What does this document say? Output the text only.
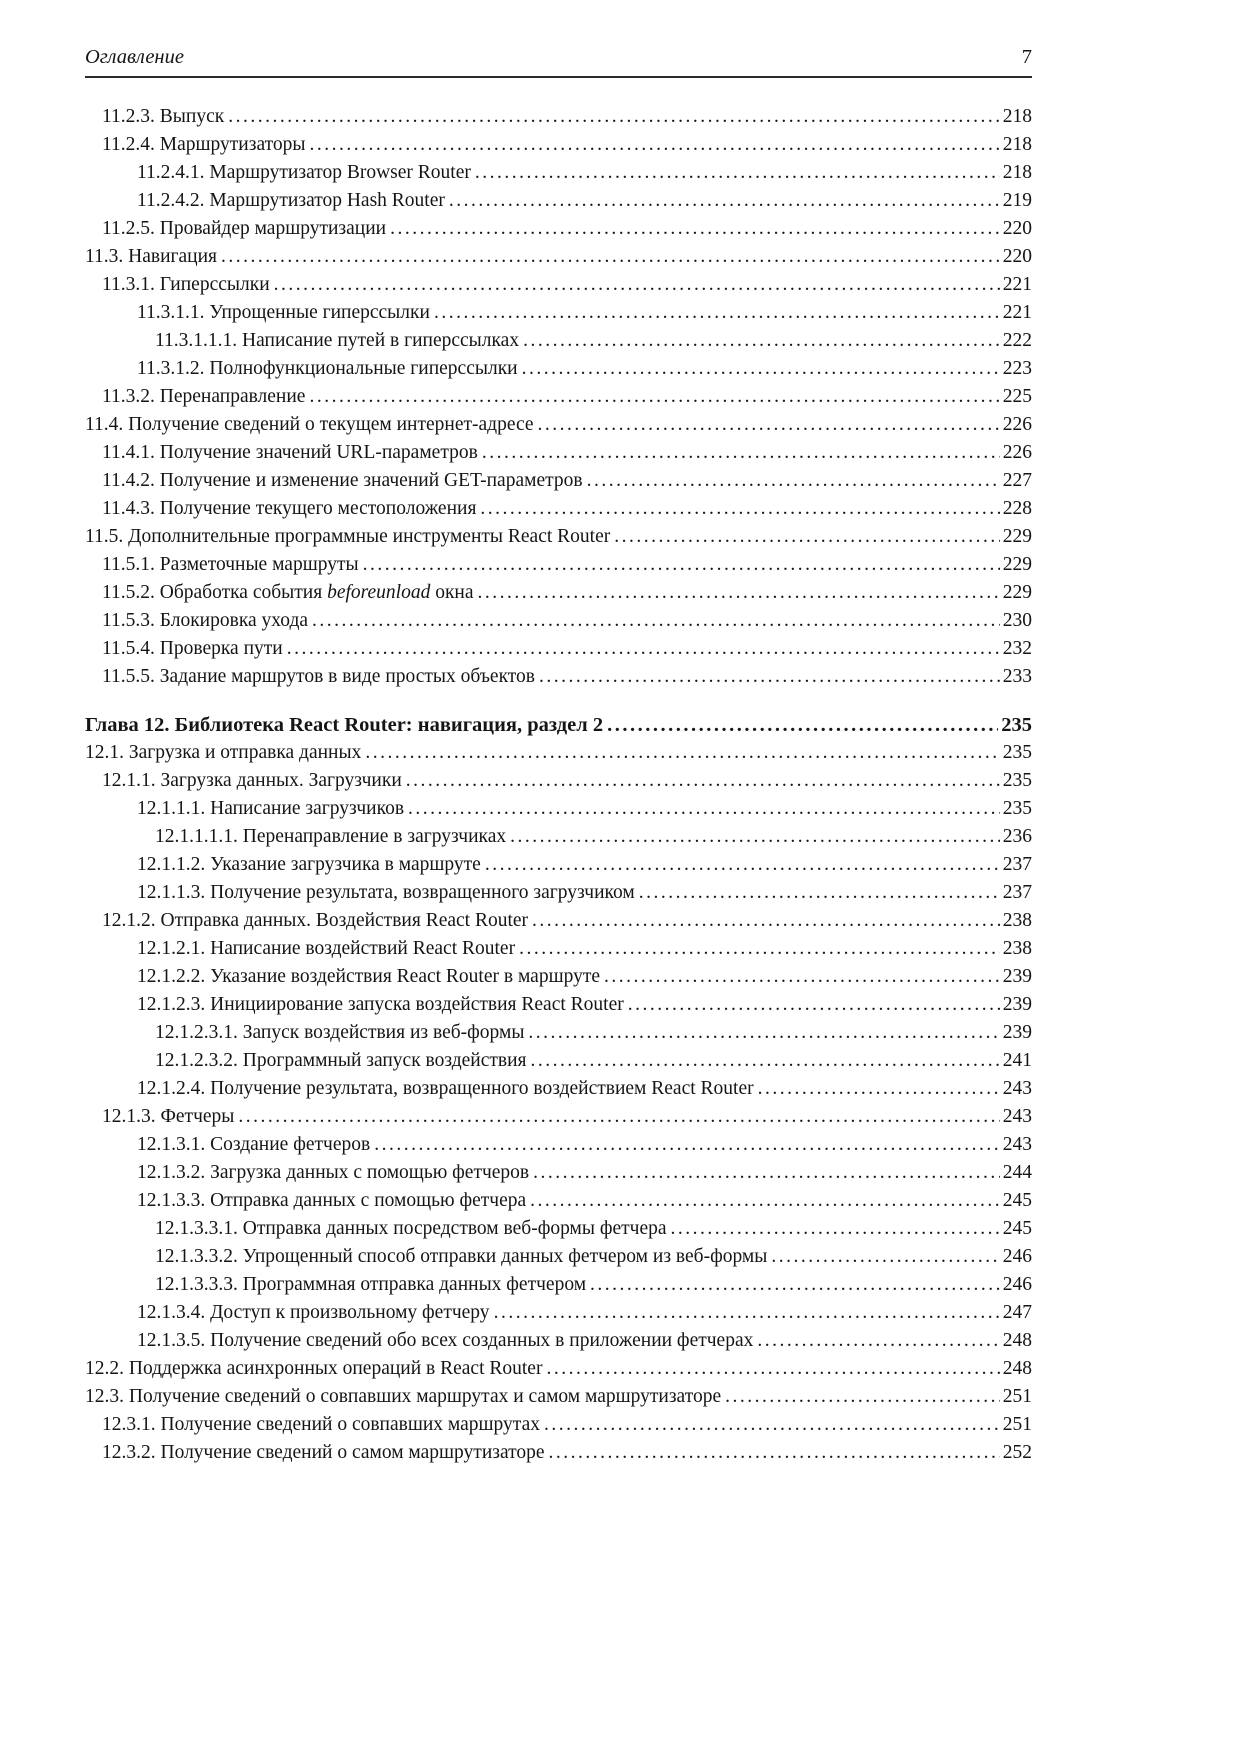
Оглавление	7
11.2.3. Выпуск .....	218
11.2.4. Маршрутизаторы .....	218
11.2.4.1. Маршрутизатор Browser Router .....	218
11.2.4.2. Маршрутизатор Hash Router .....	219
11.2.5. Провайдер маршрутизации .....	220
11.3. Навигация .....	220
11.3.1. Гиперссылки .....	221
11.3.1.1. Упрощенные гиперссылки .....	221
11.3.1.1.1. Написание путей в гиперссылках .....	222
11.3.1.2. Полнофункциональные гиперссылки .....	223
11.3.2. Перенаправление .....	225
11.4. Получение сведений о текущем интернет-адресе .....	226
11.4.1. Получение значений URL-параметров .....	226
11.4.2. Получение и изменение значений GET-параметров .....	227
11.4.3. Получение текущего местоположения .....	228
11.5. Дополнительные программные инструменты React Router .....	229
11.5.1. Разметочные маршруты .....	229
11.5.2. Обработка события beforeunload окна .....	229
11.5.3. Блокировка ухода .....	230
11.5.4. Проверка пути .....	232
11.5.5. Задание маршрутов в виде простых объектов .....	233
Глава 12. Библиотека React Router: навигация, раздел 2 .....	235
12.1. Загрузка и отправка данных .....	235
12.1.1. Загрузка данных. Загрузчики .....	235
12.1.1.1. Написание загрузчиков .....	235
12.1.1.1.1. Перенаправление в загрузчиках .....	236
12.1.1.2. Указание загрузчика в маршруте .....	237
12.1.1.3. Получение результата, возвращенного загрузчиком .....	237
12.1.2. Отправка данных. Воздействия React Router .....	238
12.1.2.1. Написание воздействий React Router .....	238
12.1.2.2. Указание воздействия React Router в маршруте .....	239
12.1.2.3. Инициирование запуска воздействия React Router .....	239
12.1.2.3.1. Запуск воздействия из веб-формы .....	239
12.1.2.3.2. Программный запуск воздействия .....	241
12.1.2.4. Получение результата, возвращенного воздействием React Router .....	243
12.1.3. Фетчеры .....	243
12.1.3.1. Создание фетчеров .....	243
12.1.3.2. Загрузка данных с помощью фетчеров .....	244
12.1.3.3. Отправка данных с помощью фетчера .....	245
12.1.3.3.1. Отправка данных посредством веб-формы фетчера .....	245
12.1.3.3.2. Упрощенный способ отправки данных фетчером из веб-формы .....	246
12.1.3.3.3. Программная отправка данных фетчером .....	246
12.1.3.4. Доступ к произвольному фетчеру .....	247
12.1.3.5. Получение сведений обо всех созданных в приложении фетчерах .....	248
12.2. Поддержка асинхронных операций в React Router .....	248
12.3. Получение сведений о совпавших маршрутах и самом маршрутизаторе .....	251
12.3.1. Получение сведений о совпавших маршрутах .....	251
12.3.2. Получение сведений о самом маршрутизаторе .....	252
